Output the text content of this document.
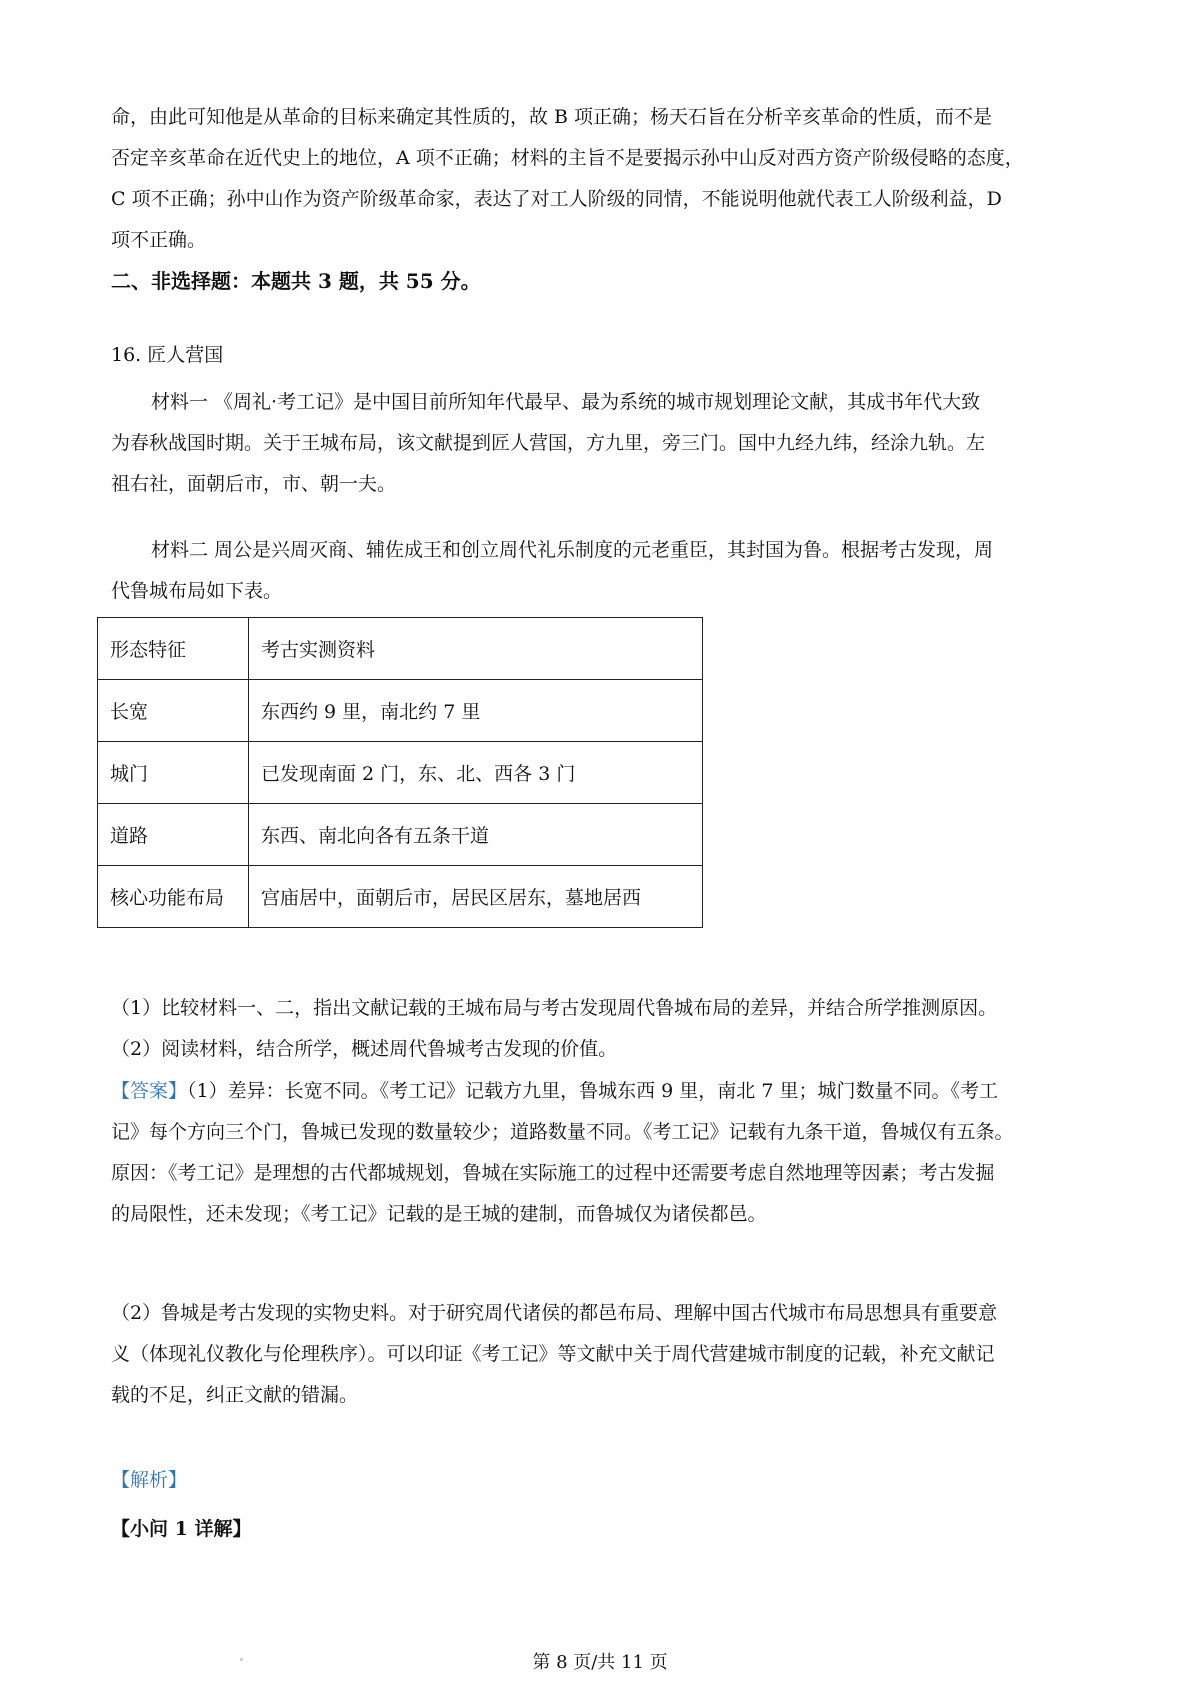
命，由此可知他是从革命的目标来确定其性质的，故 B 项正确；杨天石旨在分析辛亥革命的性质，而不是
否定辛亥革命在近代史上的地位，A 项不正确；材料的主旨不是要揭示孙中山反对西方资产阶级侵略的态度，
C 项不正确；孙中山作为资产阶级革命家，表达了对工人阶级的同情，不能说明他就代表工人阶级利益，D
项不正确。
二、非选择题：本题共 3 题，共 55 分。
16. 匠人营国
材料一 《周礼·考工记》是中国目前所知年代最早、最为系统的城市规划理论文献，其成书年代大致
为春秋战国时期。关于王城布局，该文献提到匠人营国，方九里，旁三门。国中九经九纬，经涂九轨。左
祖右社，面朝后市，市、朝一夫。
材料二 周公是兴周灭商、辅佐成王和创立周代礼乐制度的元老重臣，其封国为鲁。根据考古发现，周
代鲁城布局如下表。
形态特征	考古实测资料
长宽	东西约 9 里，南北约 7 里
城门	已发现南面 2 门，东、北、西各 3 门
道路	东西、南北向各有五条干道
核心功能布局	宫庙居中，面朝后市，居民区居东，墓地居西
（1）比较材料一、二，指出文献记载的王城布局与考古发现周代鲁城布局的差异，并结合所学推测原因。
（2）阅读材料，结合所学，概述周代鲁城考古发现的价值。
【答案】（1）差异：长宽不同。《考工记》记载方九里，鲁城东西 9 里，南北 7 里；城门数量不同。《考工
记》每个方向三个门，鲁城已发现的数量较少；道路数量不同。《考工记》记载有九条干道，鲁城仅有五条。
原因：《考工记》是理想的古代都城规划，鲁城在实际施工的过程中还需要考虑自然地理等因素；考古发掘
的局限性，还未发现；《考工记》记载的是王城的建制，而鲁城仅为诸侯都邑。
（2）鲁城是考古发现的实物史料。对于研究周代诸侯的都邑布局、理解中国古代城市布局思想具有重要意
义（体现礼仪教化与伦理秩序）。可以印证《考工记》等文献中关于周代营建城市制度的记载，补充文献记
载的不足，纠正文献的错漏。
【解析】
【小问 1 详解】
第 8 页/共 11 页
